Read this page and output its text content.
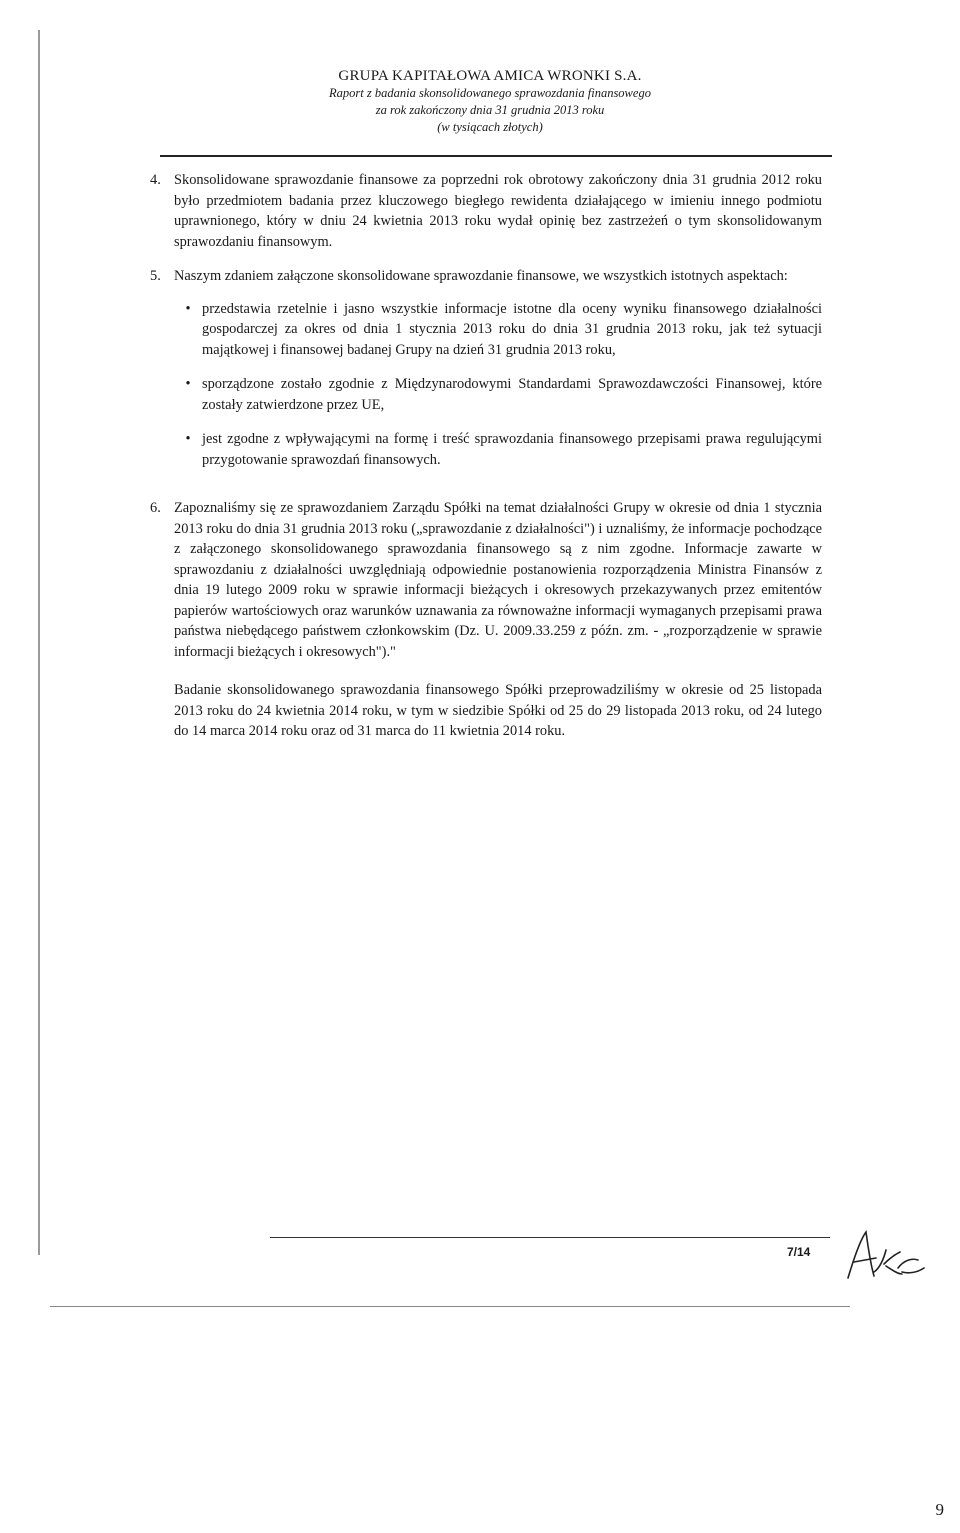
GRUPA KAPITAŁOWA AMICA WRONKI S.A.
Raport z badania skonsolidowanego sprawozdania finansowego
za rok zakończony dnia 31 grudnia 2013 roku
(w tysiącach złotych)
4. Skonsolidowane sprawozdanie finansowe za poprzedni rok obrotowy zakończony dnia 31 grudnia 2012 roku było przedmiotem badania przez kluczowego biegłego rewidenta działającego w imieniu innego podmiotu uprawnionego, który w dniu 24 kwietnia 2013 roku wydał opinię bez zastrzeżeń o tym skonsolidowanym sprawozdaniu finansowym.
5. Naszym zdaniem załączone skonsolidowane sprawozdanie finansowe, we wszystkich istotnych aspektach:
• przedstawia rzetelnie i jasno wszystkie informacje istotne dla oceny wyniku finansowego działalności gospodarczej za okres od dnia 1 stycznia 2013 roku do dnia 31 grudnia 2013 roku, jak też sytuacji majątkowej i finansowej badanej Grupy na dzień 31 grudnia 2013 roku,
• sporządzone zostało zgodnie z Międzynarodowymi Standardami Sprawozdawczości Finansowej, które zostały zatwierdzone przez UE,
• jest zgodne z wpływającymi na formę i treść sprawozdania finansowego przepisami prawa regulującymi przygotowanie sprawozdań finansowych.
6. Zapoznaliśmy się ze sprawozdaniem Zarządu Spółki na temat działalności Grupy w okresie od dnia 1 stycznia 2013 roku do dnia 31 grudnia 2013 roku („sprawozdanie z działalności") i uznaliśmy, że informacje pochodzące z załączonego skonsolidowanego sprawozdania finansowego są z nim zgodne. Informacje zawarte w sprawozdaniu z działalności uwzględniają odpowiednie postanowienia rozporządzenia Ministra Finansów z dnia 19 lutego 2009 roku w sprawie informacji bieżących i okresowych przekazywanych przez emitentów papierów wartościowych oraz warunków uznawania za równoważne informacji wymaganych przepisami prawa państwa niebędącego państwem członkowskim (Dz. U. 2009.33.259 z późn. zm. - „rozporządzenie w sprawie informacji bieżących i okresowych")."
Badanie skonsolidowanego sprawozdania finansowego Spółki przeprowadziliśmy w okresie od 25 listopada 2013 roku do 24 kwietnia 2014 roku, w tym w siedzibie Spółki od 25 do 29 listopada 2013 roku, od 24 lutego do 14 marca 2014 roku oraz od 31 marca do 11 kwietnia 2014 roku.
7/14
9
